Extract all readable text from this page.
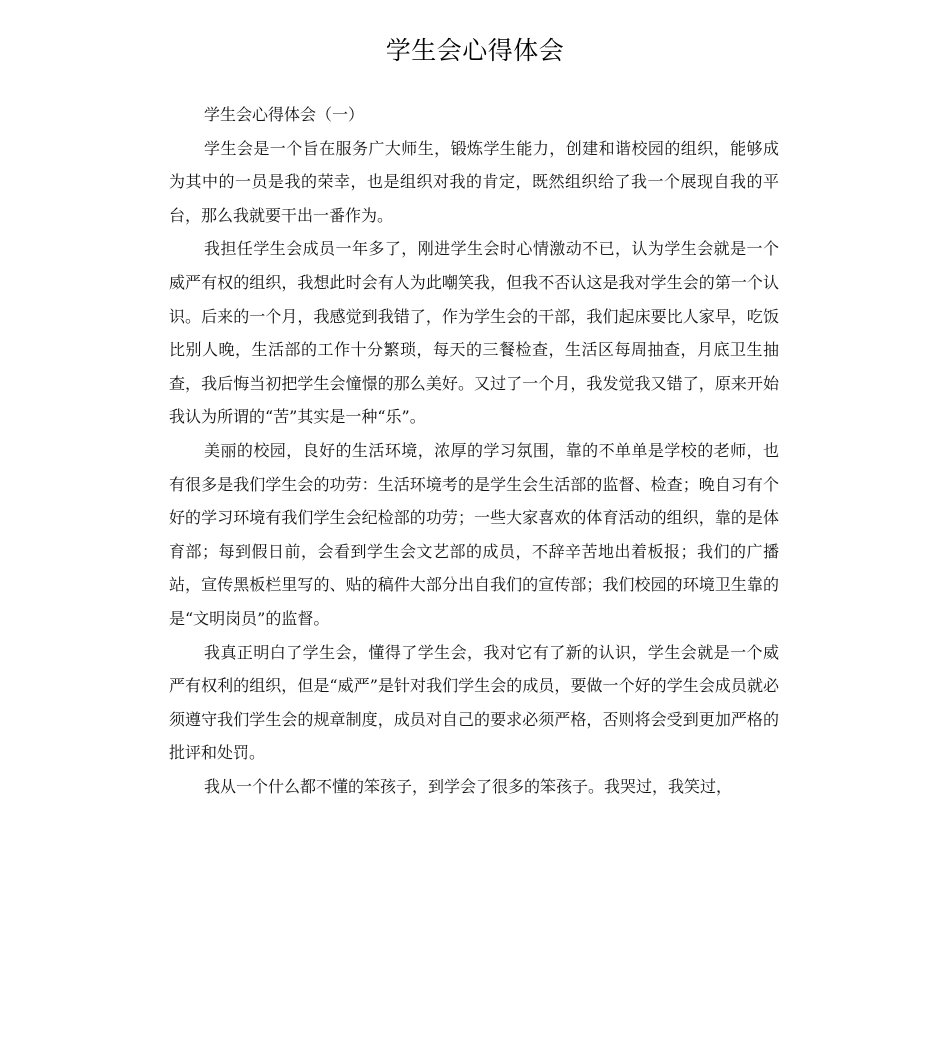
学生会心得体会

学生会心得体会（一）

学生会是一个旨在服务广大师生，锻炼学生能力，创建和谐校园的组织，能够成为其中的一员是我的荣幸，也是组织对我的肯定，既然组织给了我一个展现自我的平台，那么我就要干出一番作为。

我担任学生会成员一年多了，刚进学生会时心情激动不已，认为学生会就是一个威严有权的组织，我想此时会有人为此嘲笑我，但我不否认这是我对学生会的第一个认识。后来的一个月，我感觉到我错了，作为学生会的干部，我们起床要比人家早，吃饭比别人晚，生活部的工作十分繁琐，每天的三餐检查，生活区每周抽查，月底卫生抽查，我后悔当初把学生会憧憬的那么美好。又过了一个月，我发觉我又错了，原来开始我认为所谓的“苦”其实是一种“乐”。

美丽的校园，良好的生活环境，浓厚的学习氛围，靠的不单单是学校的老师，也有很多是我们学生会的功劳：生活环境考的是学生会生活部的监督、检查；晚自习有个好的学习环境有我们学生会纪检部的功劳；一些大家喜欢的体育活动的组织，靠的是体育部；每到假日前，会看到学生会文艺部的成员，不辞辛苦地出着板报；我们的广播站，宣传黑板栏里写的、贴的稿件大部分出自我们的宣传部；我们校园的环境卫生靠的是“文明岗员”的监督。

我真正明白了学生会，懂得了学生会，我对它有了新的认识，学生会就是一个威严有权利的组织，但是“威严”是针对我们学生会的成员，要做一个好的学生会成员就必须遵守我们学生会的规章制度，成员对自己的要求必须严格，否则将会受到更加严格的批评和处罚。

我从一个什么都不懂的笨孩子，到学会了很多的笨孩子。我哭过，我笑过，
